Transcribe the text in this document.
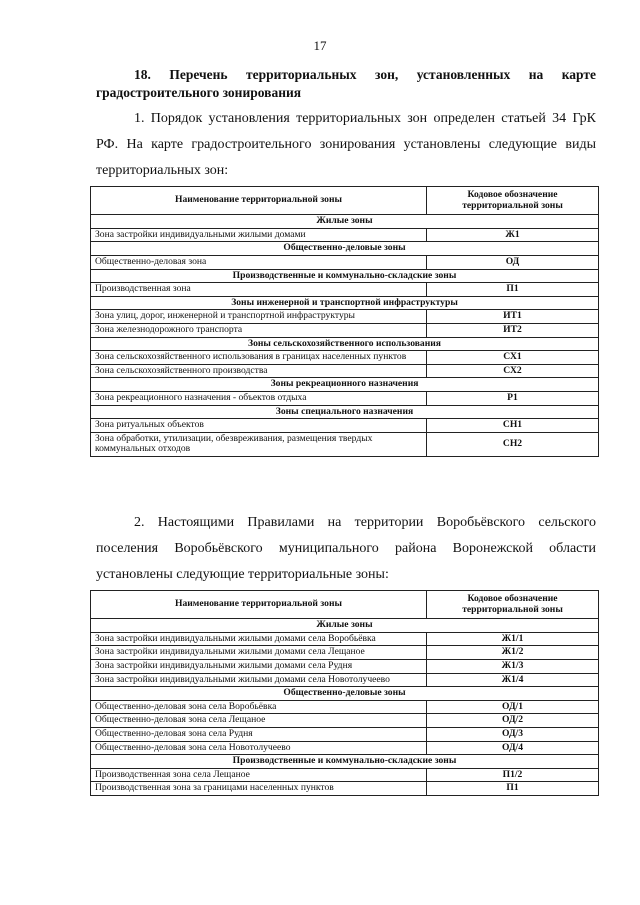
17
18. Перечень территориальных зон, установленных на карте градостроительного зонирования
1. Порядок установления территориальных зон определен статьей 34 ГрК РФ. На карте градостроительного зонирования установлены следующие виды территориальных зон:
Наименование территориальной зоны	Кодовое обозначение территориальной зоны
Жилые зоны	
Зона застройки индивидуальными жилыми домами	Ж1
Общественно-деловые зоны	
Общественно-деловая зона	ОД
Производственные и коммунально-складские зоны	
Производственная зона	П1
Зоны инженерной и транспортной инфраструктуры	
Зона улиц, дорог, инженерной и транспортной инфраструктуры	ИТ1
Зона железнодорожного транспорта	ИТ2
Зоны сельскохозяйственного использования	
Зона сельскохозяйственного использования в границах населенных пунктов	СХ1
Зона сельскохозяйственного производства	СХ2
Зоны рекреационного назначения	
Зона рекреационного назначения - объектов отдыха	Р1
Зоны специального назначения	
Зона ритуальных объектов	СН1
Зона обработки, утилизации, обезвреживания, размещения твердых коммунальных отходов	СН2
2. Настоящими Правилами на территории Воробьёвского сельского поселения Воробьёвского муниципального района Воронежской области установлены следующие территориальные зоны:
Наименование территориальной зоны	Кодовое обозначение территориальной зоны
Жилые зоны	
Зона застройки индивидуальными жилыми домами села Воробьёвка	Ж1/1
Зона застройки индивидуальными жилыми домами села Лещаное	Ж1/2
Зона застройки индивидуальными жилыми домами села Рудня	Ж1/3
Зона застройки индивидуальными жилыми домами села Новотолучеево	Ж1/4
Общественно-деловые зоны	
Общественно-деловая зона села Воробьёвка	ОД/1
Общественно-деловая зона села Лещаное	ОД/2
Общественно-деловая зона села Рудня	ОД/3
Общественно-деловая зона села Новотолучеево	ОД/4
Производственные и коммунально-складские зоны	
Производственная зона села Лещаное	П1/2
Производственная зона за границами населенных пунктов	П1
